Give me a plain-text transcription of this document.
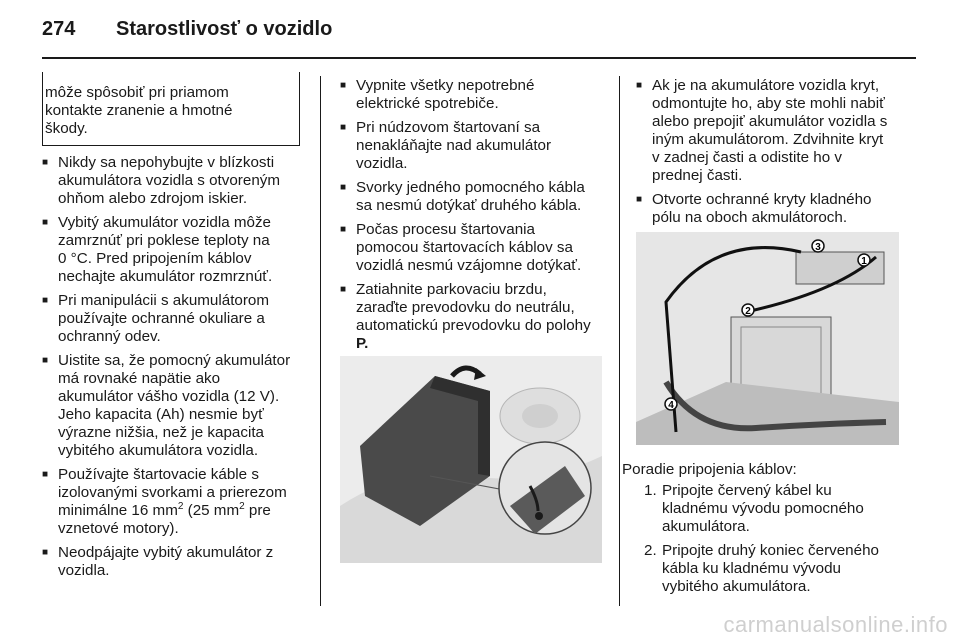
274 Starostlivosť o vozidlo
môže spôsobiť pri priamom
kontakte zranenie a hmotné
škody.
■ Nikdy sa nepohybujte v blízkosti
akumulátora vozidla s otvoreným
ohňom alebo zdrojom iskier.
■ Vybitý akumulátor vozidla môže
zamrznúť pri poklese teploty na
0 °C. Pred pripojením káblov
nechajte akumulátor rozmrznúť.
■ Pri manipulácii s akumulátorom
používajte ochranné okuliare a
ochranný odev.
■ Uistite sa, že pomocný akumulátor
má rovnaké napätie ako
akumulátor vášho vozidla (12 V).
Jeho kapacita (Ah) nesmie byť
výrazne nižšia, než je kapacita
vybitého akumulátora vozidla.
■ Používajte štartovacie káble s
izolovanými svorkami a prierezom
minimálne 16 $mm^2$ (25 $mm^2$ pre
vznetové motory).
■ Neodpájajte vybitý akumulátor z
vozidla.
■ Vypnite všetky nepotrebné
elektrické spotrebiče.
■ Pri núdzovom štartovaní sa
nenakláňajte nad akumulátor
vozidla.
■ Svorky jedného pomocného kábla
sa nesmú dotýkať druhého kábla.
■ Počas procesu štartovania
pomocou štartovacích káblov sa
vozidlá nesmú vzájomne dotýkať.
■ Zatiahnite parkovaciu brzdu,
zaraďte prevodovku do neutrálu,
automatickú prevodovku do polohy
P.
■ Ak je na akumulátore vozidla kryt,
odmontujte ho, aby ste mohli nabiť
alebo prepojiť akumulátor vozidla s
iným akumulátorom. Zdvihnite kryt
v zadnej časti a odistite ho v
prednej časti.
■ Otvorte ochranné kryty kladného
pólu na oboch akmulátoroch.
3
1
2
4
Poradie pripojenia káblov:
1. Pripojte červený kábel ku
kladnému vývodu pomocného
akumulátora.
2. Pripojte druhý koniec červeného
kábla ku kladnému vývodu
vybitého akumulátora.
carmanualsonline.info
